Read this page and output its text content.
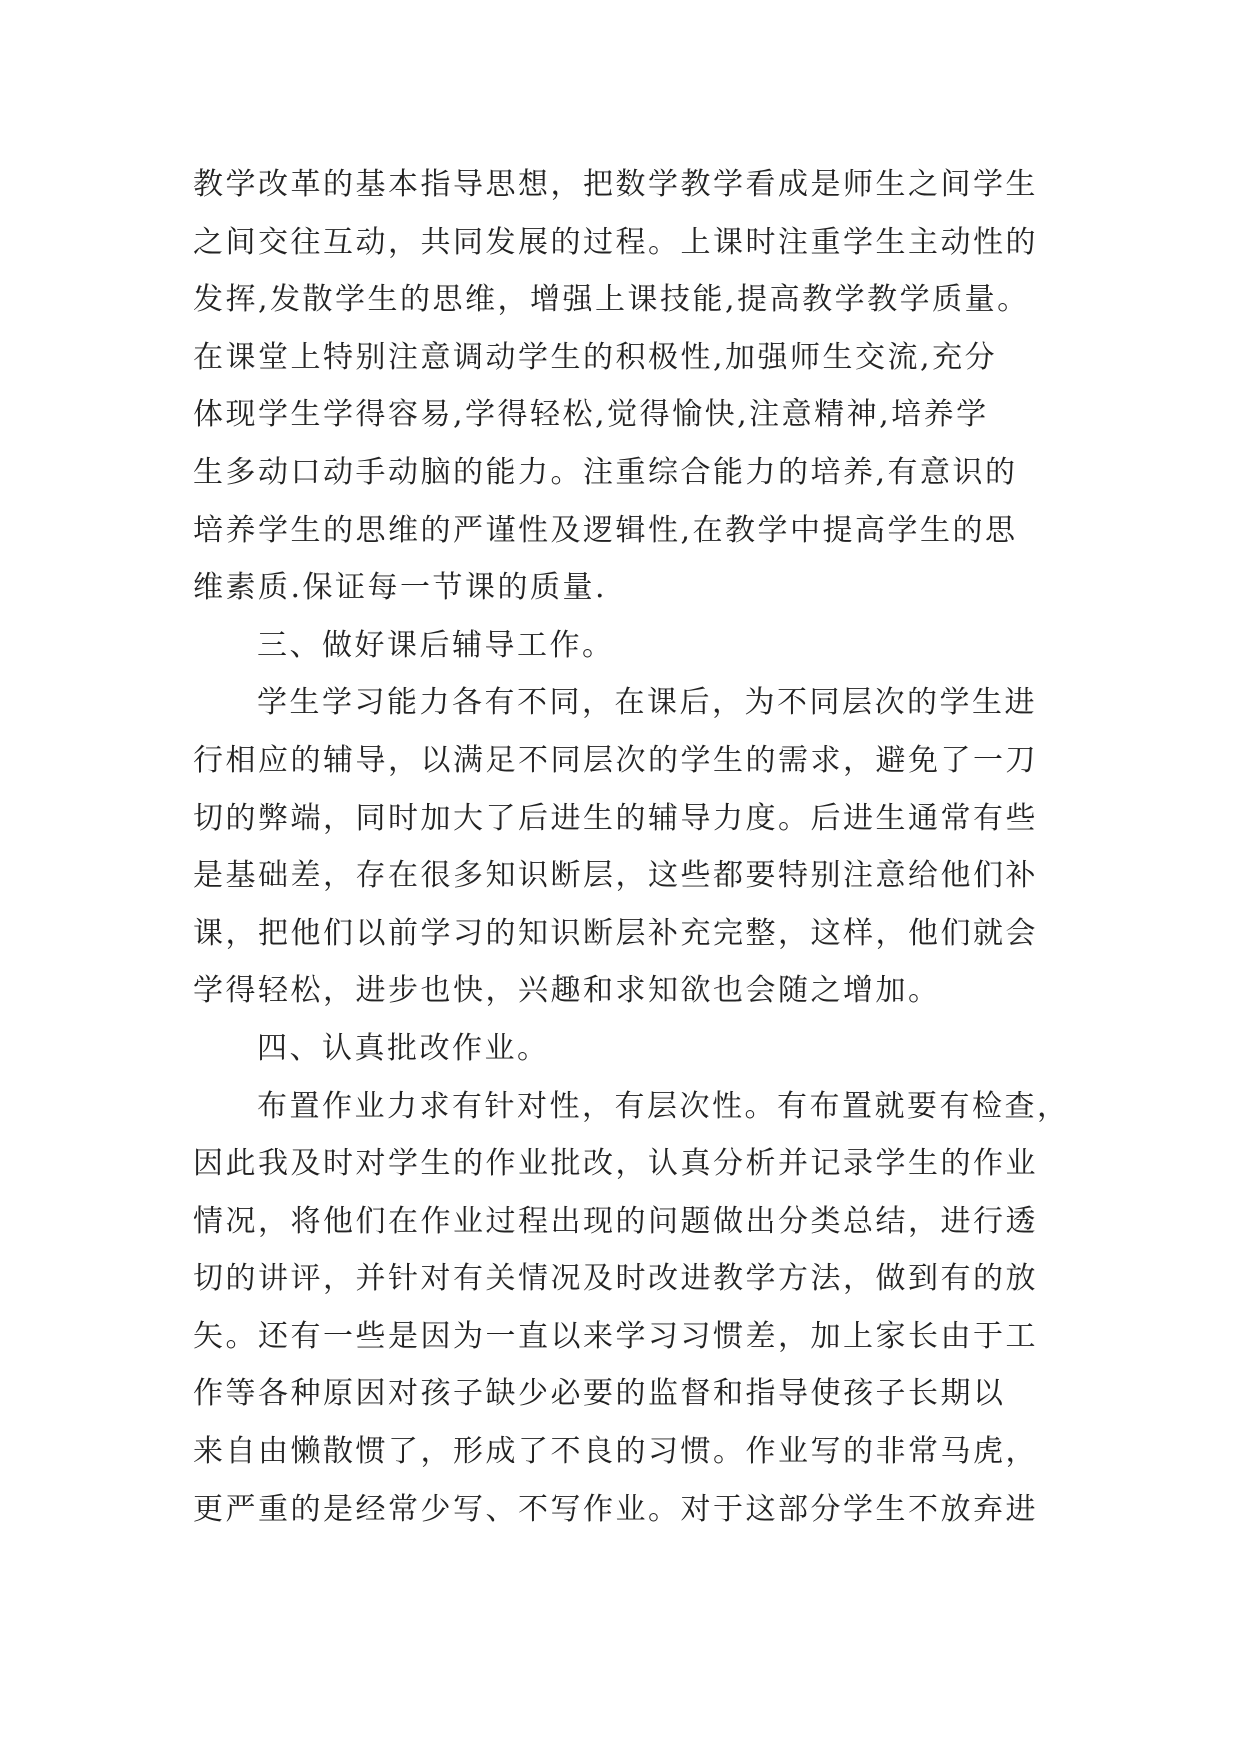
教学改革的基本指导思想，把数学教学看成是师生之间学生
之间交往互动，共同发展的过程。上课时注重学生主动性的
发挥,发散学生的思维，增强上课技能,提高教学教学质量。
在课堂上特别注意调动学生的积极性,加强师生交流,充分
体现学生学得容易,学得轻松,觉得愉快,注意精神,培养学
生多动口动手动脑的能力。注重综合能力的培养,有意识的
培养学生的思维的严谨性及逻辑性,在教学中提高学生的思
维素质.保证每一节课的质量.
三、做好课后辅导工作。
学生学习能力各有不同，在课后，为不同层次的学生进
行相应的辅导，以满足不同层次的学生的需求，避免了一刀
切的弊端，同时加大了后进生的辅导力度。后进生通常有些
是基础差，存在很多知识断层，这些都要特别注意给他们补
课，把他们以前学习的知识断层补充完整，这样，他们就会
学得轻松，进步也快，兴趣和求知欲也会随之增加。
四、认真批改作业。
布置作业力求有针对性，有层次性。有布置就要有检查，
因此我及时对学生的作业批改，认真分析并记录学生的作业
情况，将他们在作业过程出现的问题做出分类总结，进行透
切的讲评，并针对有关情况及时改进教学方法，做到有的放
矢。还有一些是因为一直以来学习习惯差，加上家长由于工
作等各种原因对孩子缺少必要的监督和指导使孩子长期以
来自由懒散惯了，形成了不良的习惯。作业写的非常马虎，
更严重的是经常少写、不写作业。对于这部分学生不放弃进
